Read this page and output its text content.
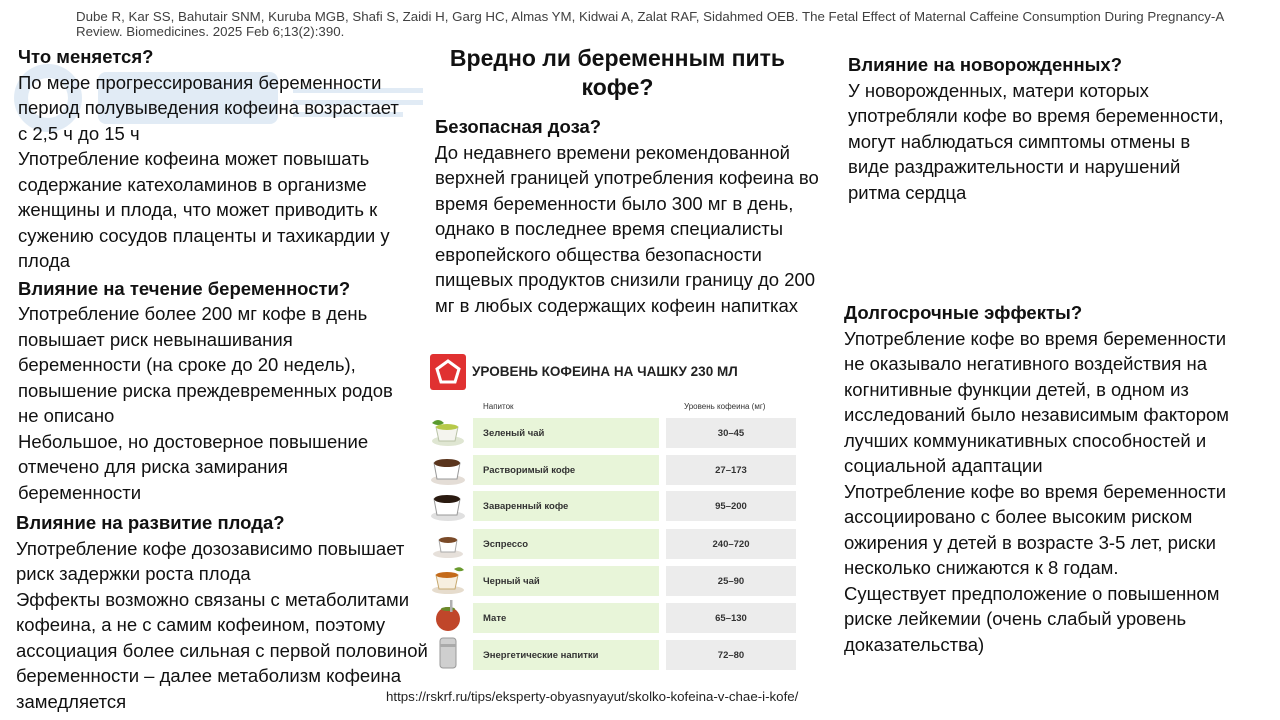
Dube R, Kar SS, Bahutair SNM, Kuruba MGB, Shafi S, Zaidi H, Garg HC, Almas YM, Kidwai A, Zalat RAF, Sidahmed OEB. The Fetal Effect of Maternal Caffeine Consumption During Pregnancy-A Review. Biomedicines. 2025 Feb 6;13(2):390.
Что меняется?

По мере прогрессирования беременности период полувыведения кофеина возрастает с 2,5 ч до 15 ч

Употребление кофеина может повышать содержание катехоламинов в организме женщины и плода, что может приводить к сужению сосудов плаценты и тахикардии у плода

Влияние на течение беременности?

Употребление более 200 мг кофе в день повышает риск невынашивания беременности (на сроке до 20 недель), повышение риска преждевременных родов не описано

Небольшое, но достоверное повышение отмечено для риска замирания беременности

Влияние на развитие плода?

Употребление кофе дозозависимо повышает риск задержки роста плода

Эффекты возможно связаны с метаболитами кофеина, а не с самим кофеином, поэтому ассоциация более сильная с первой половиной беременности – далее метаболизм кофеина замедляется

Вредно ли беременным пить кофе?
Безопасная доза?

До недавнего времени рекомендованной верхней границей употребления кофеина во время беременности было 300 мг в день, однако в последнее время специалисты европейского общества безопасности пищевых продуктов снизили границу до 200 мг в любых содержащих кофеин напитках

УРОВЕНЬ КОФЕИНА НА ЧАШКУ 230 МЛ
Напиток	Уровень кофеина (мг)
Зеленый чай	30–45
Растворимый кофе	27–173
Заваренный кофе	95–200
Эспрессо	240–720
Черный чай	25–90
Мате	65–130
Энергетические напитки	72–80
https://rskrf.ru/tips/eksperty-obyasnyayut/skolko-kofeina-v-chae-i-kofe/
Влияние на новорожденных?

У новорожденных, матери которых употребляли кофе во время беременности, могут наблюдаться симптомы отмены в виде раздражительности и нарушений ритма сердца

Долгосрочные эффекты?

Употребление кофе во время беременности не оказывало негативного воздействия на когнитивные функции детей, в одном из исследований было независимым фактором лучших коммуникативных способностей и социальной адаптации

Употребление кофе во время беременности ассоциировано с более высоким риском ожирения у детей в возрасте 3-5 лет, риски несколько снижаются к 8 годам.

Существует предположение о повышенном риске лейкемии (очень слабый уровень доказательства)
